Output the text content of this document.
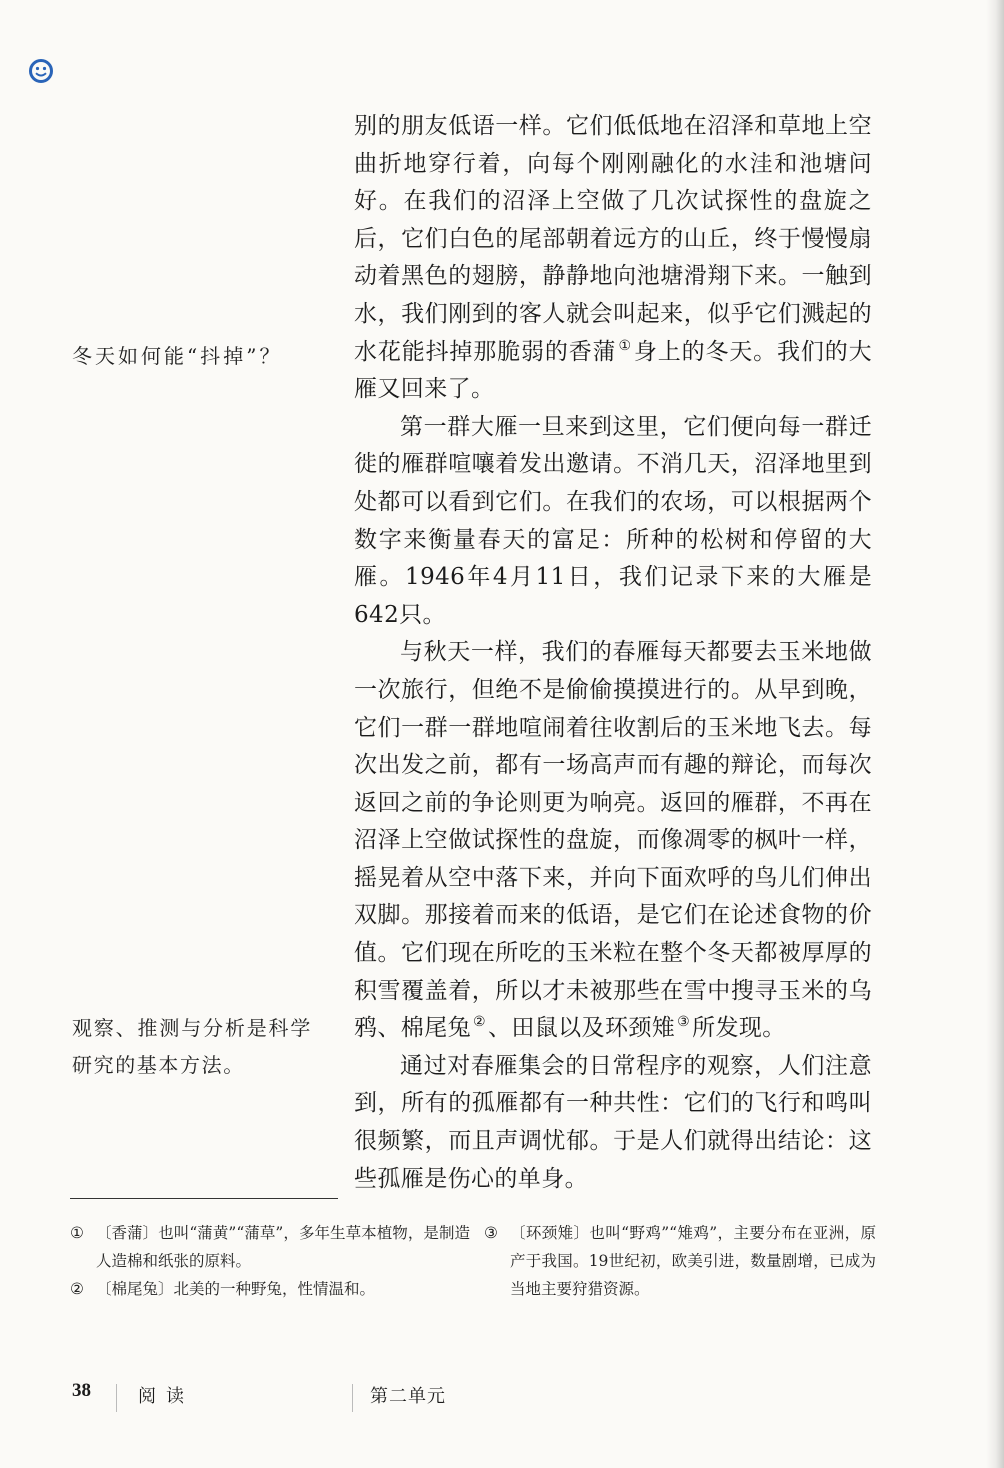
别的朋友低语一样。它们低低地在沼泽和草地上空曲折地穿行着，向每个刚刚融化的水洼和池塘问好。在我们的沼泽上空做了几次试探性的盘旋之后，它们白色的尾部朝着远方的山丘，终于慢慢扇动着黑色的翅膀，静静地向池塘滑翔下来。一触到水，我们刚到的客人就会叫起来，似乎它们溅起的水花能抖掉那脆弱的香蒲 ①身上的冬天。我们的大雁又回来了。

第一群大雁一旦来到这里，它们便向每一群迁徙的雁群喧嚷着发出邀请。不消几天，沼泽地里到处都可以看到它们。在我们的农场，可以根据两个数字来衡量春天的富足：所种的松树和停留的大雁。1946年4月11日，我们记录下来的大雁是642只。

与秋天一样，我们的春雁每天都要去玉米地做一次旅行，但绝不是偷偷摸摸进行的。从早到晚，它们一群一群地喧闹着往收割后的玉米地飞去。每次出发之前，都有一场高声而有趣的辩论，而每次返回之前的争论则更为响亮。返回的雁群，不再在沼泽上空做试探性的盘旋，而像凋零的枫叶一样，摇晃着从空中落下来，并向下面欢呼的鸟儿们伸出双脚。那接着而来的低语，是它们在论述食物的价值。它们现在所吃的玉米粒在整个冬天都被厚厚的积雪覆盖着，所以才未被那些在雪中搜寻玉米的乌鸦、棉尾兔 ②、田鼠以及环颈雉 ③所发现。

通过对春雁集会的日常程序的观察，人们注意到，所有的孤雁都有一种共性：它们的飞行和鸣叫很频繁，而且声调忧郁。于是人们就得出结论：这些孤雁是伤心的单身。

冬天如何能“抖掉”？
观察、推测与分析是科学研究的基本方法。
① 〔香蒲〕也叫“蒲黄”“蒲草”，多年生草本植物，是制造人造棉和纸张的原料。
② 〔棉尾兔〕北美的一种野兔，性情温和。
③ 〔环颈雉〕也叫“野鸡”“雉鸡”，主要分布在亚洲，原产于我国。19世纪初，欧美引进，数量剧增，已成为当地主要狩猎资源。
38	阅读	第二单元
